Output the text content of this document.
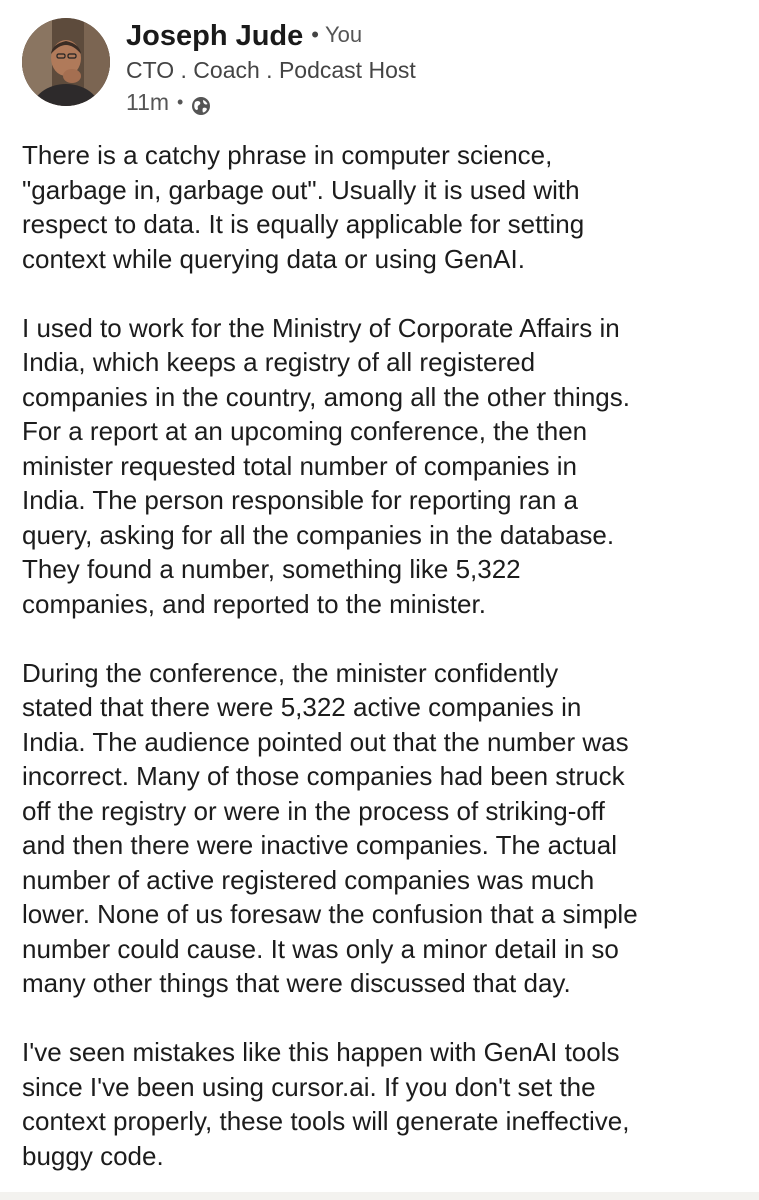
Joseph Jude • You
CTO . Coach . Podcast Host
11m •
There is a catchy phrase in computer science,
"garbage in, garbage out". Usually it is used with
respect to data. It is equally applicable for setting
context while querying data or using GenAI.
I used to work for the Ministry of Corporate Affairs in
India, which keeps a registry of all registered
companies in the country, among all the other things.
For a report at an upcoming conference, the then
minister requested total number of companies in
India. The person responsible for reporting ran a
query, asking for all the companies in the database.
They found a number, something like 5,322
companies, and reported to the minister.
During the conference, the minister confidently
stated that there were 5,322 active companies in
India. The audience pointed out that the number was
incorrect. Many of those companies had been struck
off the registry or were in the process of striking-off
and then there were inactive companies. The actual
number of active registered companies was much
lower. None of us foresaw the confusion that a simple
number could cause. It was only a minor detail in so
many other things that were discussed that day.
I've seen mistakes like this happen with GenAI tools
since I've been using cursor.ai. If you don't set the
context properly, these tools will generate ineffective,
buggy code.
